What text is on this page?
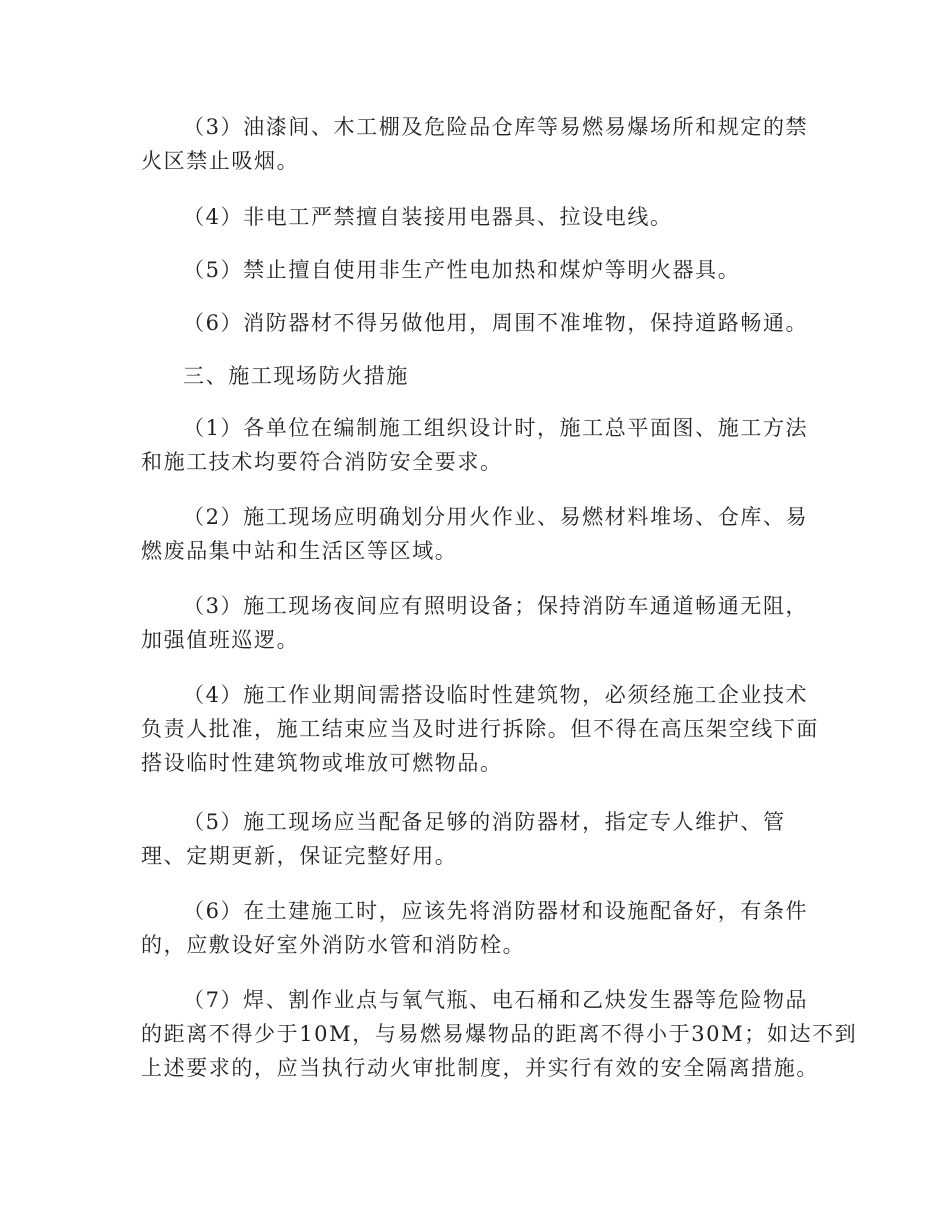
（3）油漆间、木工棚及危险品仓库等易燃易爆场所和规定的禁
火区禁止吸烟。
（4）非电工严禁擅自装接用电器具、拉设电线。
（5）禁止擅自使用非生产性电加热和煤炉等明火器具。
（6）消防器材不得另做他用，周围不准堆物，保持道路畅通。
三、施工现场防火措施
（1）各单位在编制施工组织设计时，施工总平面图、施工方法
和施工技术均要符合消防安全要求。
（2）施工现场应明确划分用火作业、易燃材料堆场、仓库、易
燃废品集中站和生活区等区域。
（3）施工现场夜间应有照明设备；保持消防车通道畅通无阻，
加强值班巡逻。
（4）施工作业期间需搭设临时性建筑物，必须经施工企业技术
负责人批准，施工结束应当及时进行拆除。但不得在高压架空线下面
搭设临时性建筑物或堆放可燃物品。
（5）施工现场应当配备足够的消防器材，指定专人维护、管
理、定期更新，保证完整好用。
（6）在土建施工时，应该先将消防器材和设施配备好，有条件
的，应敷设好室外消防水管和消防栓。
（7）焊、割作业点与氧气瓶、电石桶和乙炔发生器等危险物品
的距离不得少于10M，与易燃易爆物品的距离不得小于30M；如达不到
上述要求的，应当执行动火审批制度，并实行有效的安全隔离措施。
